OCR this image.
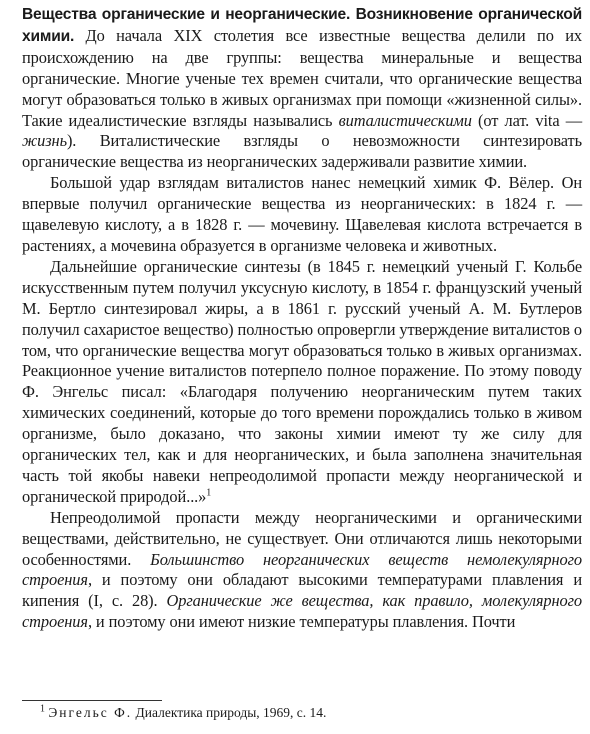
Вещества органические и неорганические. Возникновение органической химии. До начала XIX столетия все известные вещества делили по их происхождению на две группы: вещества минеральные и вещества органические. Многие ученые тех времен считали, что органические вещества могут образоваться только в живых организмах при помощи «жизненной силы». Такие идеалистические взгляды назывались виталистическими (от лат. vita — жизнь). Виталистические взгляды о невозможности синтезировать органические вещества из неорганических задерживали развитие химии.

Большой удар взглядам виталистов нанес немецкий химик Ф. Вёлер. Он впервые получил органические вещества из неорганических: в 1824 г. — щавелевую кислоту, а в 1828 г. — мочевину. Щавелевая кислота встречается в растениях, а мочевина образуется в организме человека и животных.

Дальнейшие органические синтезы (в 1845 г. немецкий ученый Г. Кольбе искусственным путем получил уксусную кислоту, в 1854 г. французский ученый М. Бертло синтезировал жиры, а в 1861 г. русский ученый А. М. Бутлеров получил сахаристое вещество) полностью опровергли утверждение виталистов о том, что органические вещества могут образоваться только в живых организмах. Реакционное учение виталистов потерпело полное поражение. По этому поводу Ф. Энгельс писал: «Благодаря получению неорганическим путем таких химических соединений, которые до того времени порождались только в живом организме, было доказано, что законы химии имеют ту же силу для органических тел, как и для неорганических, и была заполнена значительная часть той якобы навеки непреодолимой пропасти между неорганической и органической природой...»$^1$

Непреодолимой пропасти между неорганическими и органическими веществами, действительно, не существует. Они отличаются лишь некоторыми особенностями. Большинство неорганических веществ немолекулярного строения, и поэтому они обладают высокими температурами плавления и кипения (I, с. 28). Органические же вещества, как правило, молекулярного строения, и поэтому они имеют низкие температуры плавления. Почти

$^1$ Энгельс Ф. Диалектика природы, 1969, с. 14.
